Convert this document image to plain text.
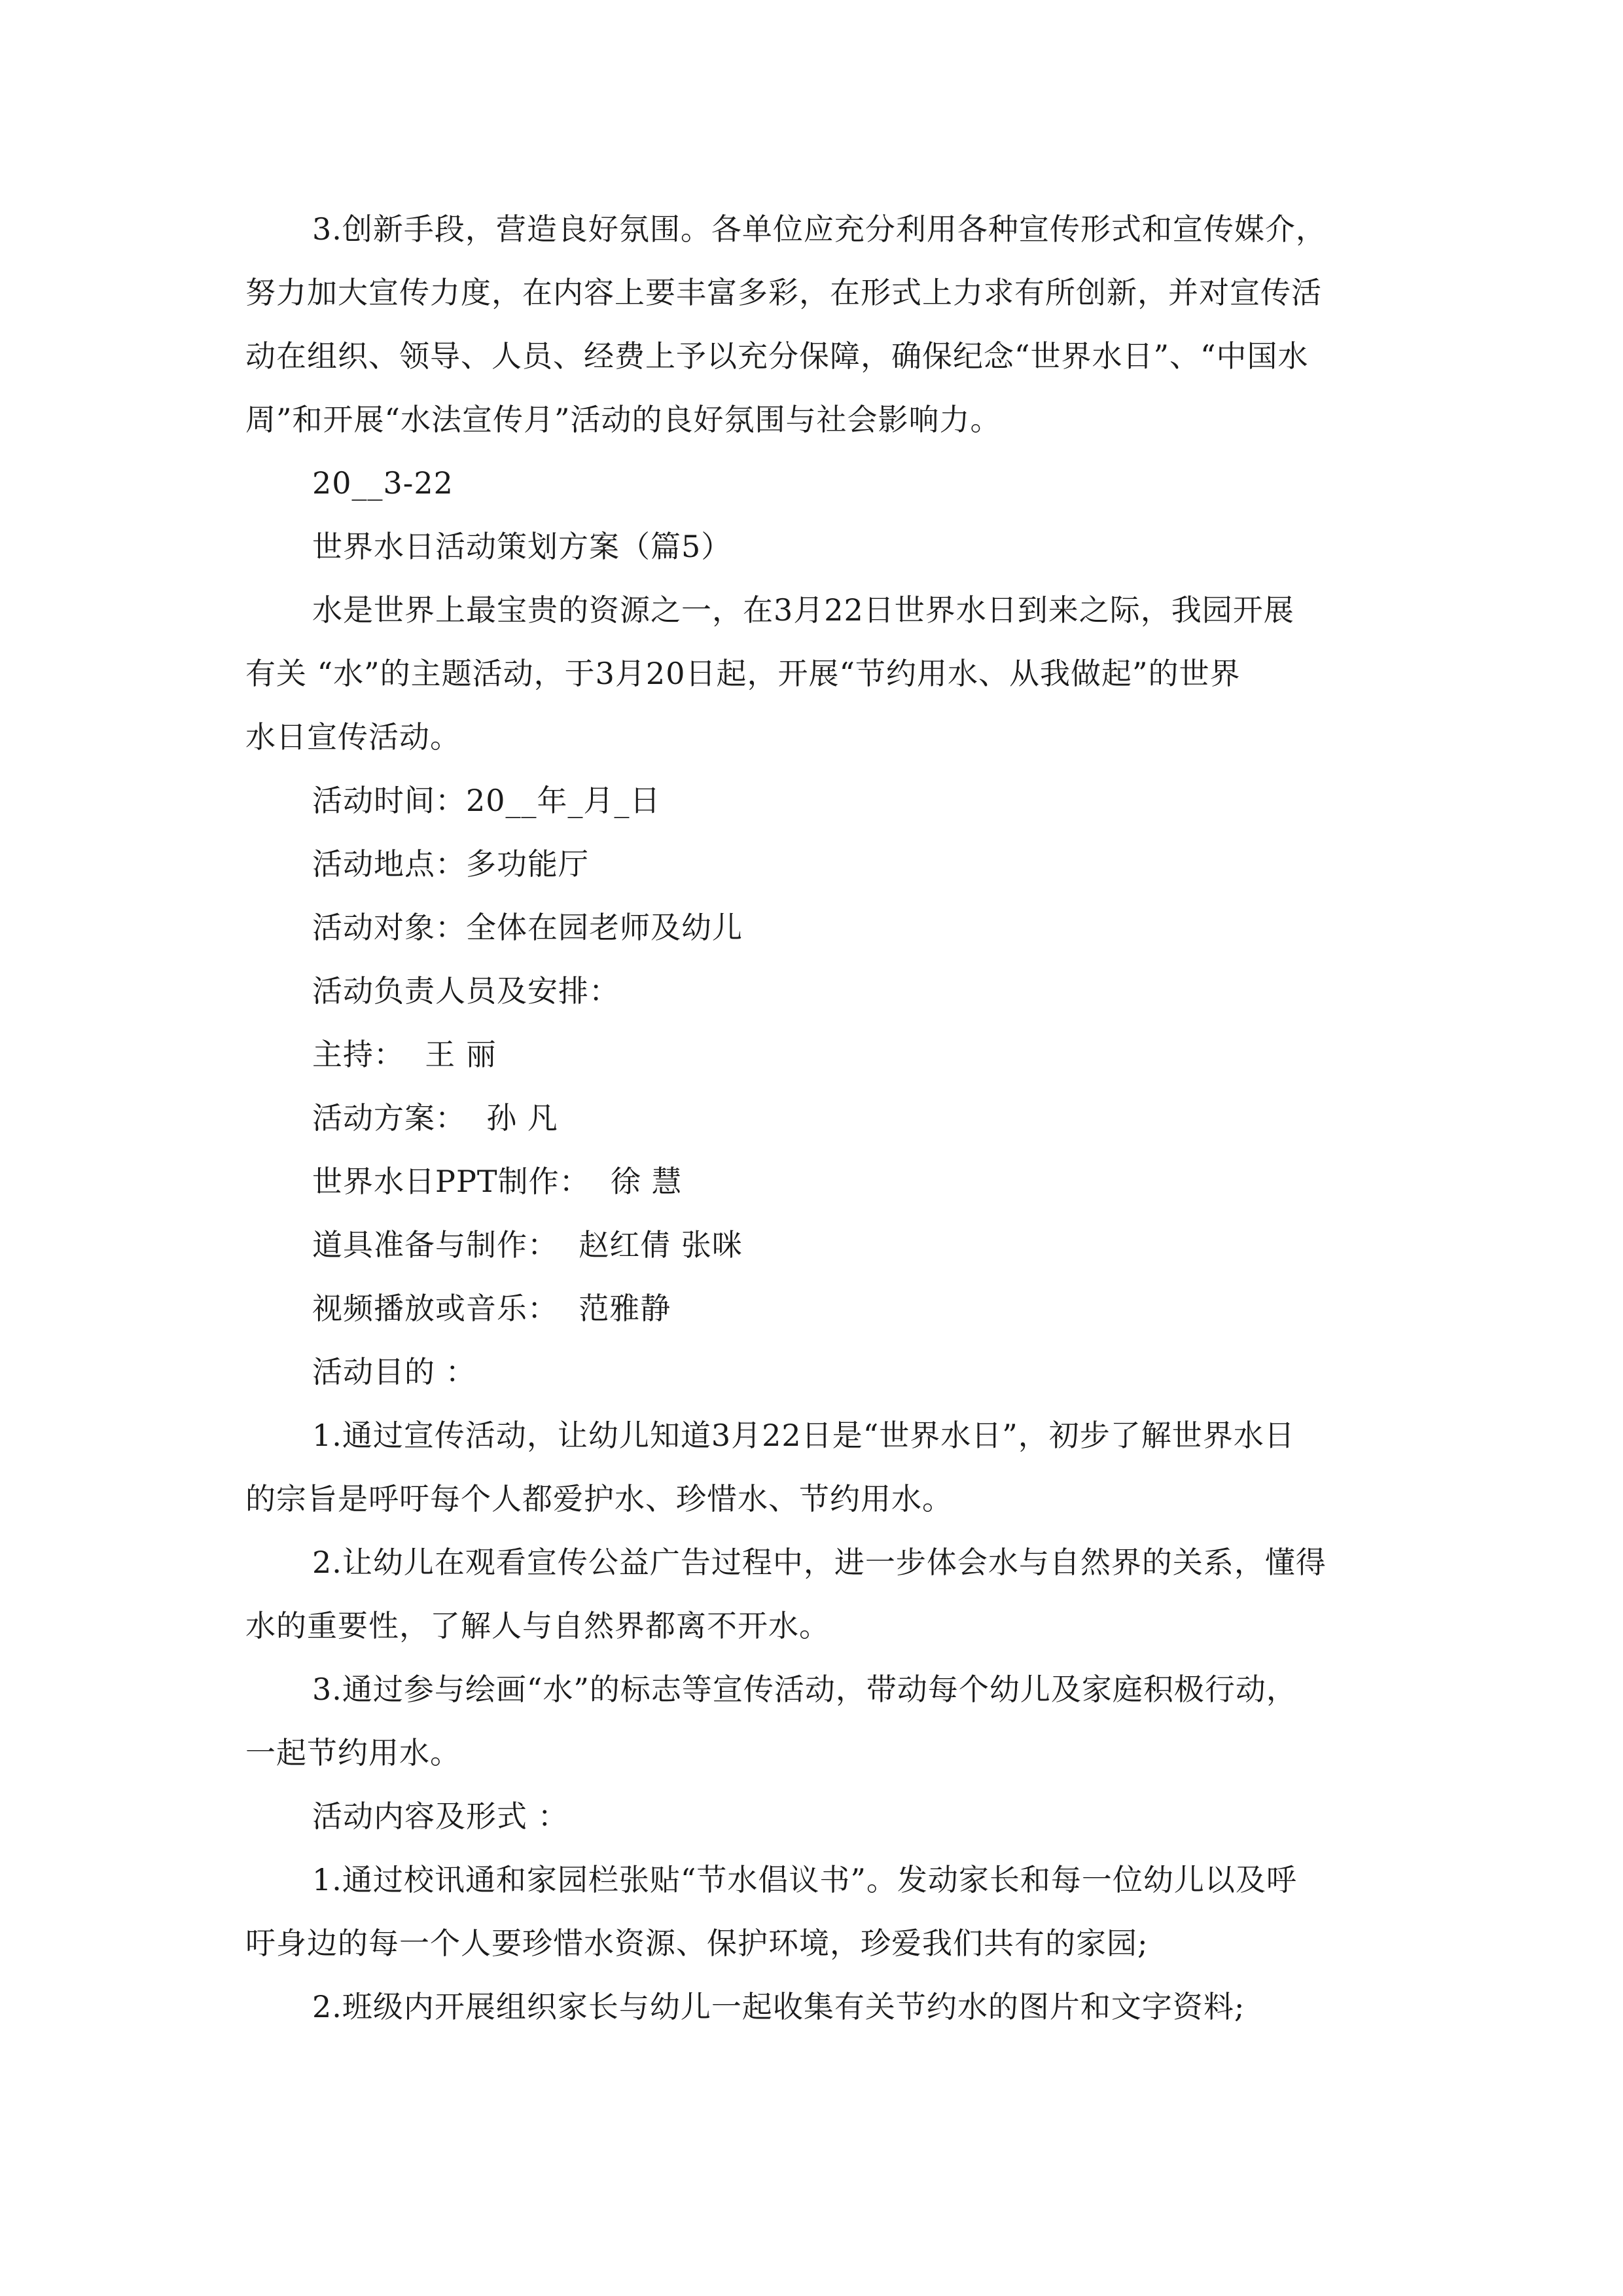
3.创新手段，营造良好氛围。各单位应充分利用各种宣传形式和宣传媒介，
努力加大宣传力度，在内容上要丰富多彩，在形式上力求有所创新，并对宣传活
动在组织、领导、人员、经费上予以充分保障，确保纪念“世界水日”、“中国水
周”和开展“水法宣传月”活动的良好氛围与社会影响力。
20__3-22
世界水日活动策划方案（篇5）
水是世界上最宝贵的资源之一，在3月22日世界水日到来之际，我园开展
有关 “水”的主题活动，于3月20日起，开展“节约用水、从我做起”的世界
水日宣传活动。
活动时间：20__年_月_日
活动地点：多功能厅
活动对象：全体在园老师及幼儿
活动负责人员及安排：
主持：  王 丽
活动方案：  孙 凡
世界水日PPT制作：  徐 慧
道具准备与制作：  赵红倩 张咪
视频播放或音乐：  范雅静
活动目的 ：
1.通过宣传活动，让幼儿知道3月22日是“世界水日”，初步了解世界水日
的宗旨是呼吁每个人都爱护水、珍惜水、节约用水。
2.让幼儿在观看宣传公益广告过程中，进一步体会水与自然界的关系，懂得
水的重要性，了解人与自然界都离不开水。
3.通过参与绘画“水”的标志等宣传活动，带动每个幼儿及家庭积极行动，
一起节约用水。
活动内容及形式 ：
1.通过校讯通和家园栏张贴“节水倡议书”。发动家长和每一位幼儿以及呼
吁身边的每一个人要珍惜水资源、保护环境，珍爱我们共有的家园;
2.班级内开展组织家长与幼儿一起收集有关节约水的图片和文字资料;
